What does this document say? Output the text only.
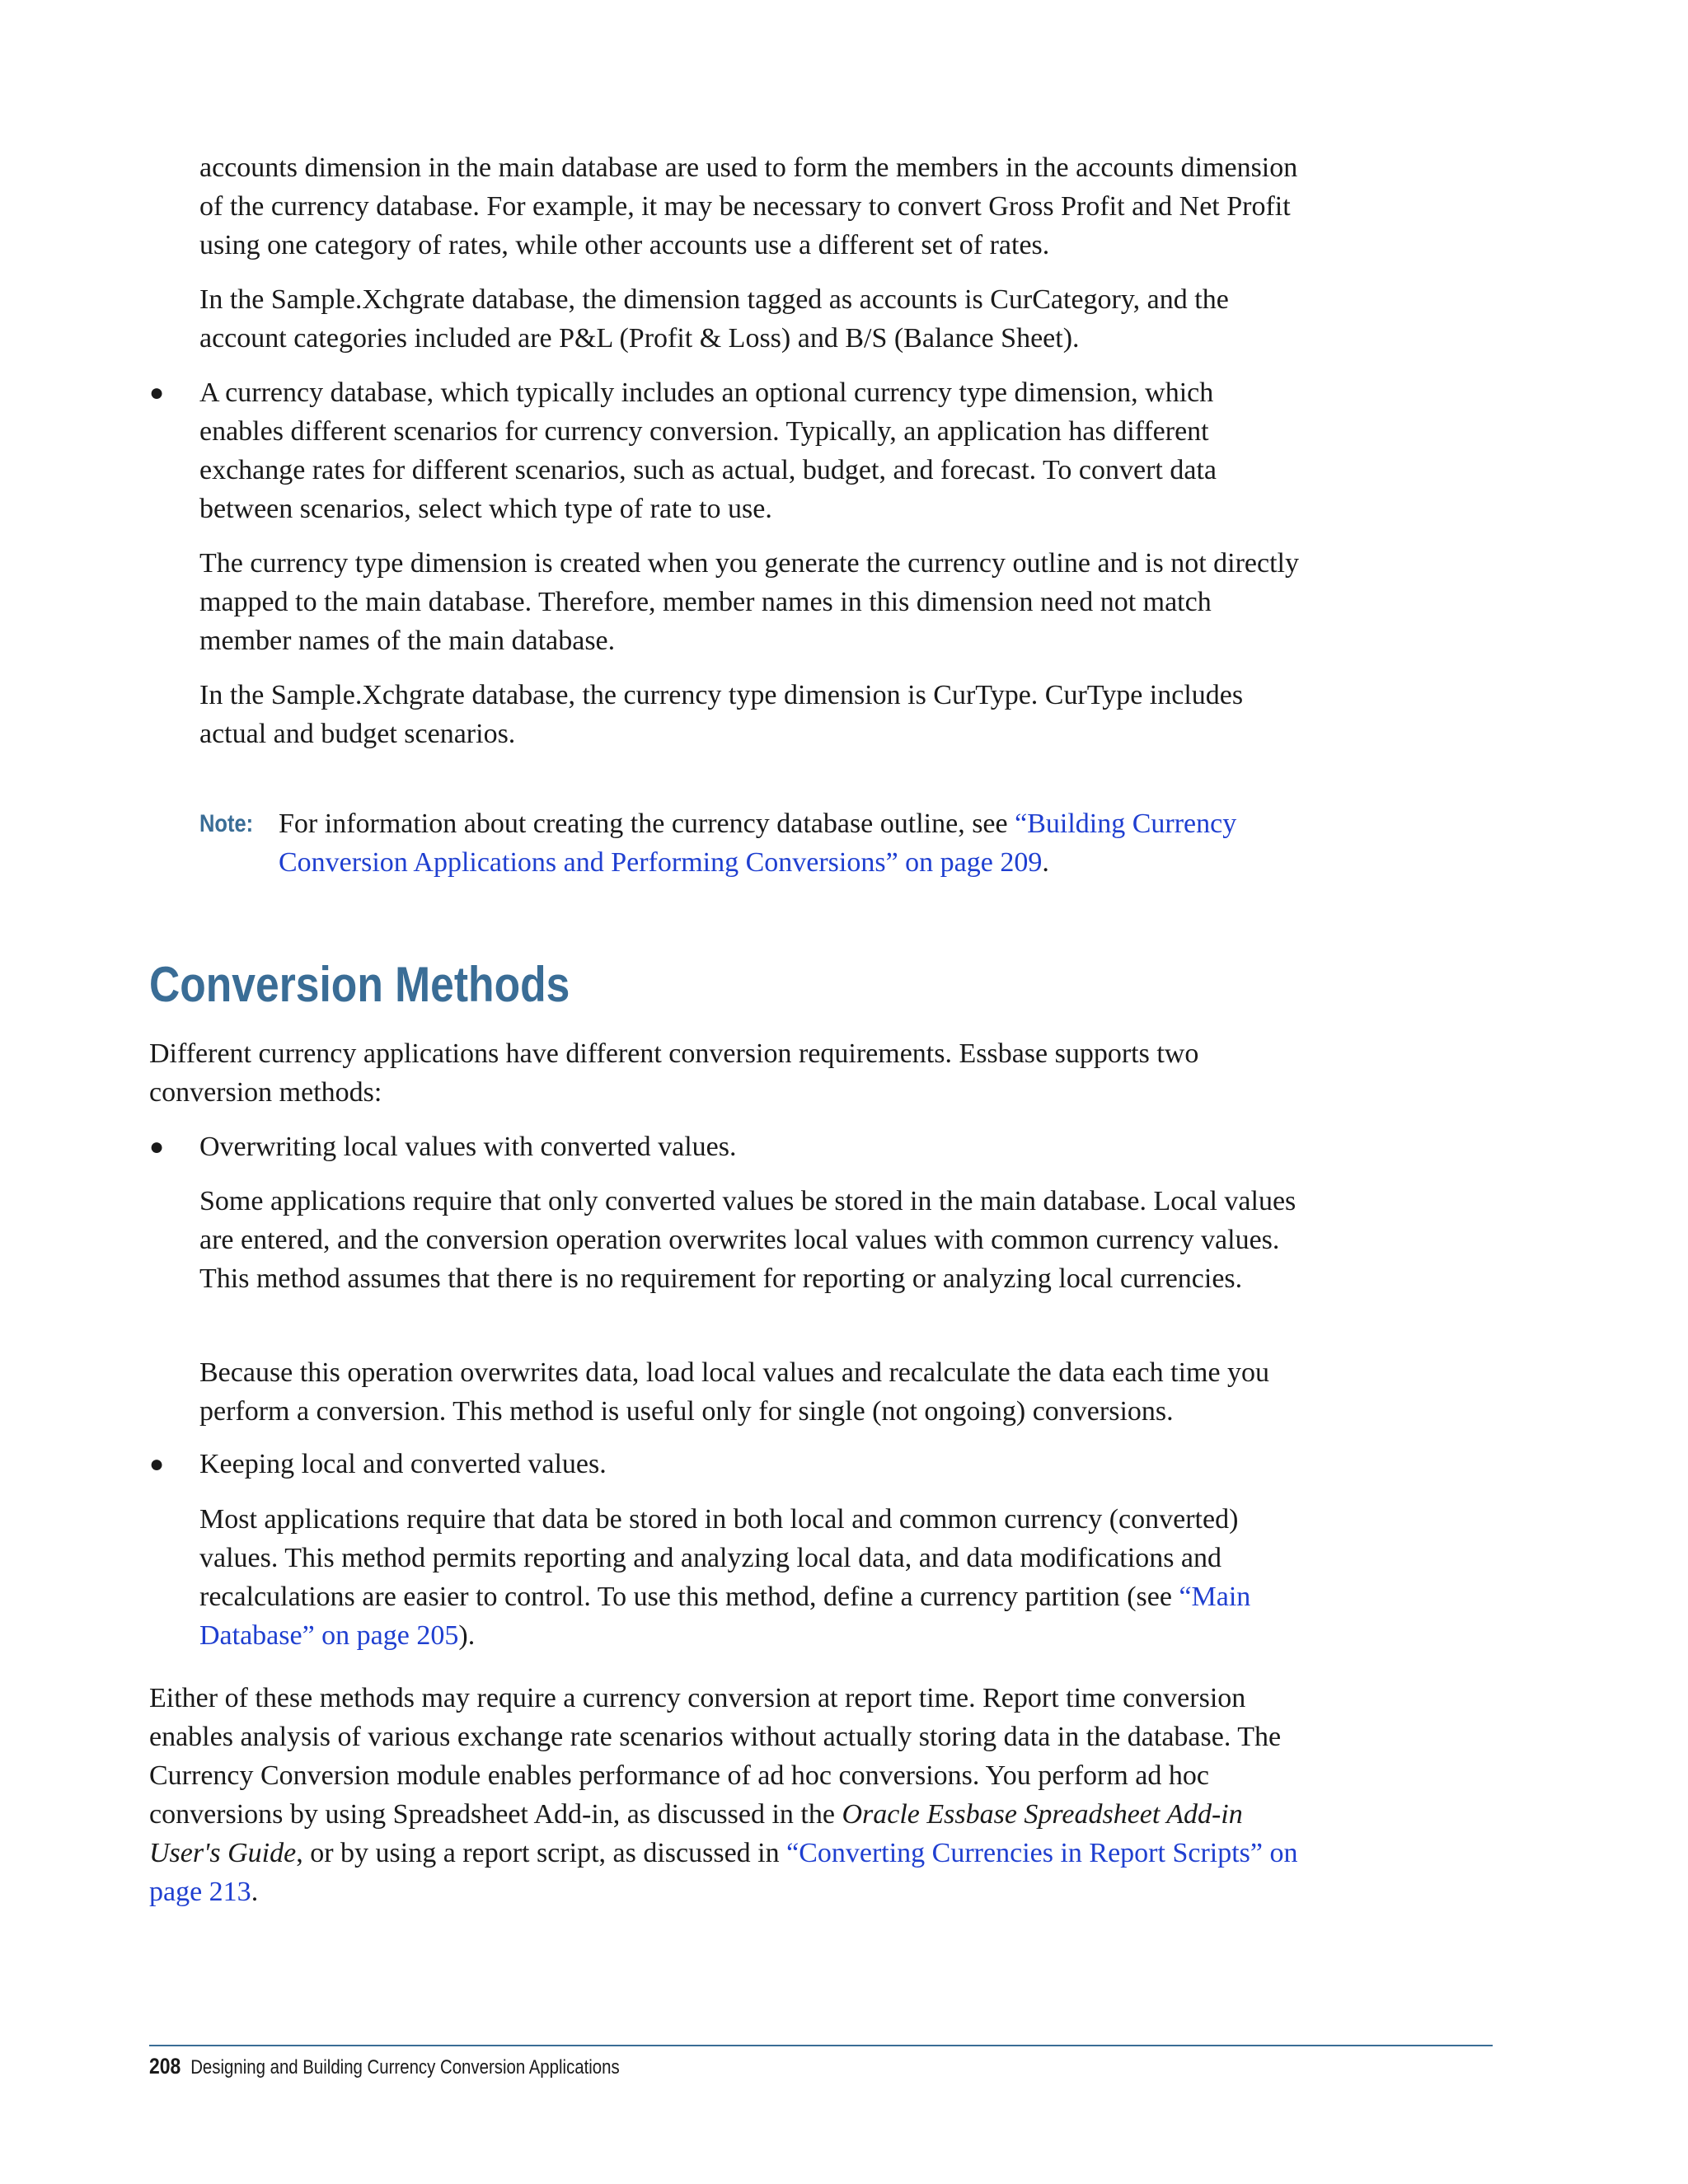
accounts dimension in the main database are used to form the members in the accounts dimension of the currency database. For example, it may be necessary to convert Gross Profit and Net Profit using one category of rates, while other accounts use a different set of rates.

In the Sample.Xchgrate database, the dimension tagged as accounts is CurCategory, and the account categories included are P&L (Profit & Loss) and B/S (Balance Sheet).

●	A currency database, which typically includes an optional currency type dimension, which enables different scenarios for currency conversion. Typically, an application has different exchange rates for different scenarios, such as actual, budget, and forecast. To convert data between scenarios, select which type of rate to use.

The currency type dimension is created when you generate the currency outline and is not directly mapped to the main database. Therefore, member names in this dimension need not match member names of the main database.

In the Sample.Xchgrate database, the currency type dimension is CurType. CurType includes actual and budget scenarios.

Note: For information about creating the currency database outline, see “Building Currency Conversion Applications and Performing Conversions” on page 209.

Conversion Methods

Different currency applications have different conversion requirements. Essbase supports two conversion methods:

●	Overwriting local values with converted values.

Some applications require that only converted values be stored in the main database. Local values are entered, and the conversion operation overwrites local values with common currency values. This method assumes that there is no requirement for reporting or analyzing local currencies.

Because this operation overwrites data, load local values and recalculate the data each time you perform a conversion. This method is useful only for single (not ongoing) conversions.

●	Keeping local and converted values.

Most applications require that data be stored in both local and common currency (converted) values. This method permits reporting and analyzing local data, and data modifications and recalculations are easier to control. To use this method, define a currency partition (see “Main Database” on page 205).

Either of these methods may require a currency conversion at report time. Report time conversion enables analysis of various exchange rate scenarios without actually storing data in the database. The Currency Conversion module enables performance of ad hoc conversions. You perform ad hoc conversions by using Spreadsheet Add-in, as discussed in the Oracle Essbase Spreadsheet Add-in User's Guide, or by using a report script, as discussed in “Converting Currencies in Report Scripts” on page 213.

208 Designing and Building Currency Conversion Applications
